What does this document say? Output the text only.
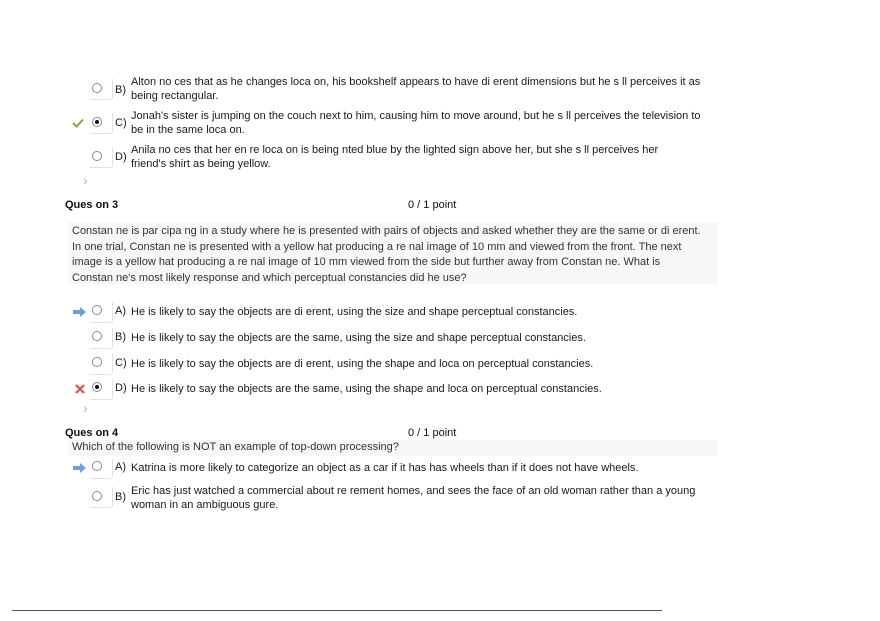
B)
Alton no ces that as he changes loca on, his bookshelf appears to have di erent dimensions but he s ll perceives it as
being rectangular.
C)
Jonah's sister is jumping on the couch next to him, causing him to move around, but he s ll perceives the television to
be in the same loca on.
D)
Anila no ces that her en re loca on is being nted blue by the lighted sign above her, but she s ll perceives her
friend's shirt as being yellow.
›
Ques on 3	0 / 1 point
Constan ne is par cipa ng in a study where he is presented with pairs of objects and asked whether they are the same or di erent.
In one trial, Constan ne is presented with a yellow hat producing a re nal image of 10 mm and viewed from the front. The next
image is a yellow hat producing a re nal image of 10 mm viewed from the side but further away from Constan ne. What is
Constan ne's most likely response and which perceptual constancies did he use?
A) He is likely to say the objects are di erent, using the size and shape perceptual constancies.
B) He is likely to say the objects are the same, using the size and shape perceptual constancies.
C) He is likely to say the objects are di erent, using the shape and loca on perceptual constancies.
D) He is likely to say the objects are the same, using the shape and loca on perceptual constancies.
›
Ques on 4	0 / 1 point
Which of the following is NOT an example of top-down processing?
A) Katrina is more likely to categorize an object as a car if it has has wheels than if it does not have wheels.
B) Eric has just watched a commercial about re rement homes, and sees the face of an old woman rather than a young
woman in an ambiguous gure.
